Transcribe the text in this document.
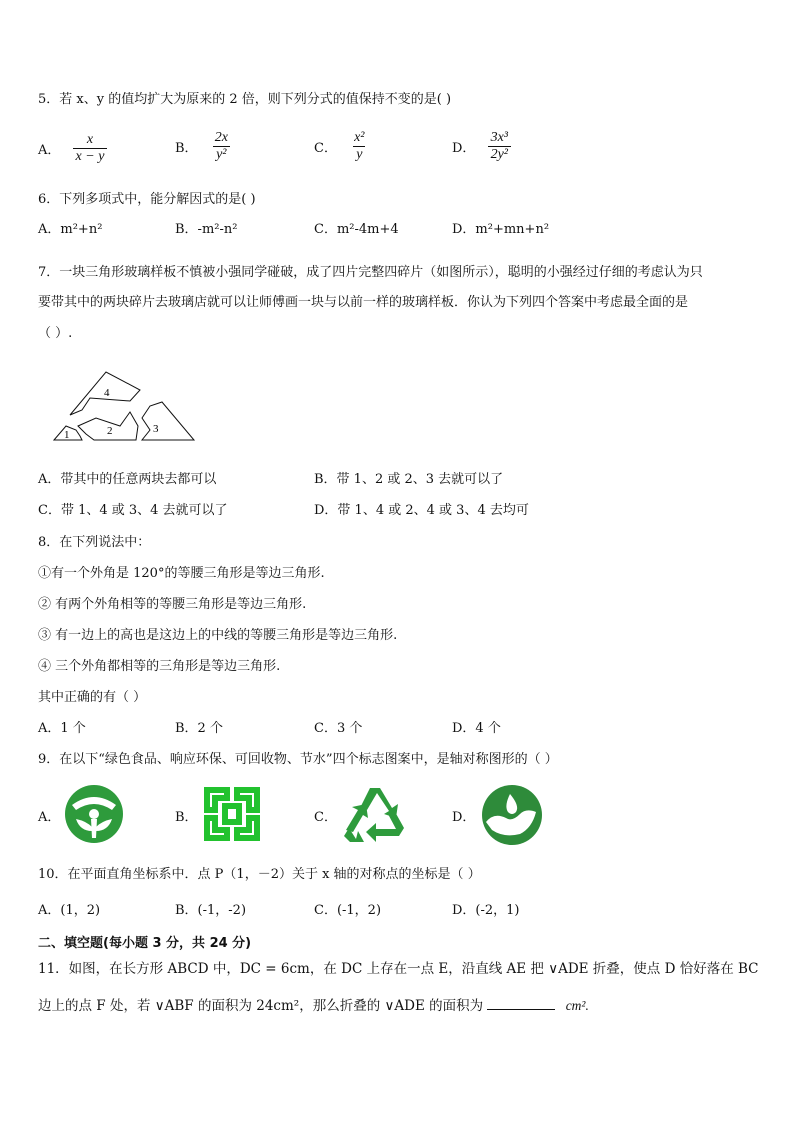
5．若 x、y 的值均扩大为原来的 2 倍，则下列分式的值保持不变的是( )
A． $\frac{x}{x - y}$	B． $\frac{2x}{\text{y²}}$	C． $\frac{\text{x²}}{y}$	D． $\frac{\text{3x³}}{\text{2y²}}$
6．下列多项式中，能分解因式的是( )
A．m²+n²	B．-m²-n²	C．m²-4m+4	D．m²+mn+n²
7．一块三角形玻璃样板不慎被小强同学碰破，成了四片完整四碎片（如图所示），聪明的小强经过仔细的考虑认为只
要带其中的两块碎片去玻璃店就可以让师傅画一块与以前一样的玻璃样板．你认为下列四个答案中考虑最全面的是
（ ）.
4
1	2	3
A．带其中的任意两块去都可以	B．带 1、2 或 2、3 去就可以了
C．带 1、4 或 3、4 去就可以了	D．带 1、4 或 2、4 或 3、4 去均可
8．在下列说法中：
①有一个外角是 120°的等腰三角形是等边三角形.
② 有两个外角相等的等腰三角形是等边三角形.
③ 有一边上的高也是这边上的中线的等腰三角形是等边三角形.
④ 三个外角都相等的三角形是等边三角形.
其中正确的有（ ）
A．1 个	B．2 个	C．3 个	D．4 个
9．在以下“绿色食品、响应环保、可回收物、节水”四个标志图案中，是轴对称图形的（ ）
A．	B．	C．	D．
10．在平面直角坐标系中．点 P（1，－2）关于 x 轴的对称点的坐标是（ ）
A．(1，2)	B．(-1，-2)	C．(-1，2)	D．(-2，1)
二、填空题(每小题 3 分，共 24 分)
11．如图，在长方形 ABCD 中，DC = 6cm，在 DC 上存在一点 E，沿直线 AE 把 ∨ADE 折叠，使点 D 恰好落在 BC
边上的点 F 处，若 ∨ABF 的面积为 24cm²，那么折叠的 ∨ADE 的面积为	cm².
